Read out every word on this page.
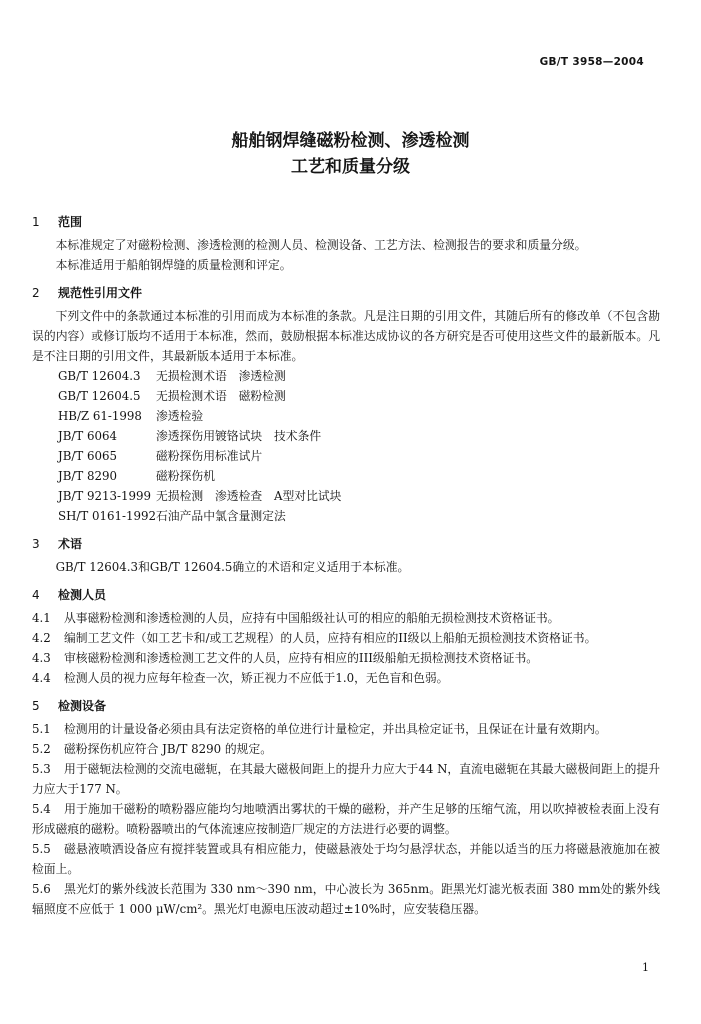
GB/T 3958—2004
船舶钢焊缝磁粉检测、渗透检测
工艺和质量分级
1 范围

本标准规定了对磁粉检测、渗透检测的检测人员、检测设备、工艺方法、检测报告的要求和质量分级。

本标准适用于船舶钢焊缝的质量检测和评定。

2 规范性引用文件

下列文件中的条款通过本标准的引用而成为本标准的条款。凡是注日期的引用文件，其随后所有的修改单（不包含勘误的内容）或修订版均不适用于本标准，然而，鼓励根据本标准达成协议的各方研究是否可使用这些文件的最新版本。凡是不注日期的引用文件，其最新版本适用于本标准。

GB/T 12604.3 无损检测术语　渗透检测
GB/T 12604.5 无损检测术语　磁粉检测
HB/Z 61-1998 渗透检验
JB/T 6064	渗透探伤用镀铬试块　技术条件
JB/T 6065	磁粉探伤用标准试片
JB/T 8290	磁粉探伤机
JB/T 9213-1999 无损检测　渗透检查　A型对比试块
SH/T 0161-1992石油产品中氯含量测定法
3 术语

GB/T 12604.3和GB/T 12604.5确立的术语和定义适用于本标准。

4 检测人员

4.1 从事磁粉检测和渗透检测的人员，应持有中国船级社认可的相应的船舶无损检测技术资格证书。

4.2 编制工艺文件（如工艺卡和/或工艺规程）的人员，应持有相应的II级以上船舶无损检测技术资格证书。

4.3 审核磁粉检测和渗透检测工艺文件的人员，应持有相应的III级船舶无损检测技术资格证书。

4.4 检测人员的视力应每年检查一次，矫正视力不应低于1.0，无色盲和色弱。

5 检测设备

5.1 检测用的计量设备必须由具有法定资格的单位进行计量检定，并出具检定证书，且保证在计量有效期内。

5.2 磁粉探伤机应符合 JB/T 8290 的规定。

5.3 用于磁轭法检测的交流电磁轭，在其最大磁极间距上的提升力应大于44 N，直流电磁轭在其最大磁极间距上的提升力应大于177 N。

5.4 用于施加干磁粉的喷粉器应能均匀地喷洒出雾状的干燥的磁粉，并产生足够的压缩气流，用以吹掉被检表面上没有形成磁痕的磁粉。喷粉器喷出的气体流速应按制造厂规定的方法进行必要的调整。

5.5 磁悬液喷洒设备应有搅拌装置或具有相应能力，使磁悬液处于均匀悬浮状态，并能以适当的压力将磁悬液施加在被检面上。

5.6 黑光灯的紫外线波长范围为 330 nm～390 nm，中心波长为 365nm。距黑光灯滤光板表面 380 mm处的紫外线辐照度不应低于 1 000 μW/cm²。黑光灯电源电压波动超过±10%时，应安装稳压器。

1
